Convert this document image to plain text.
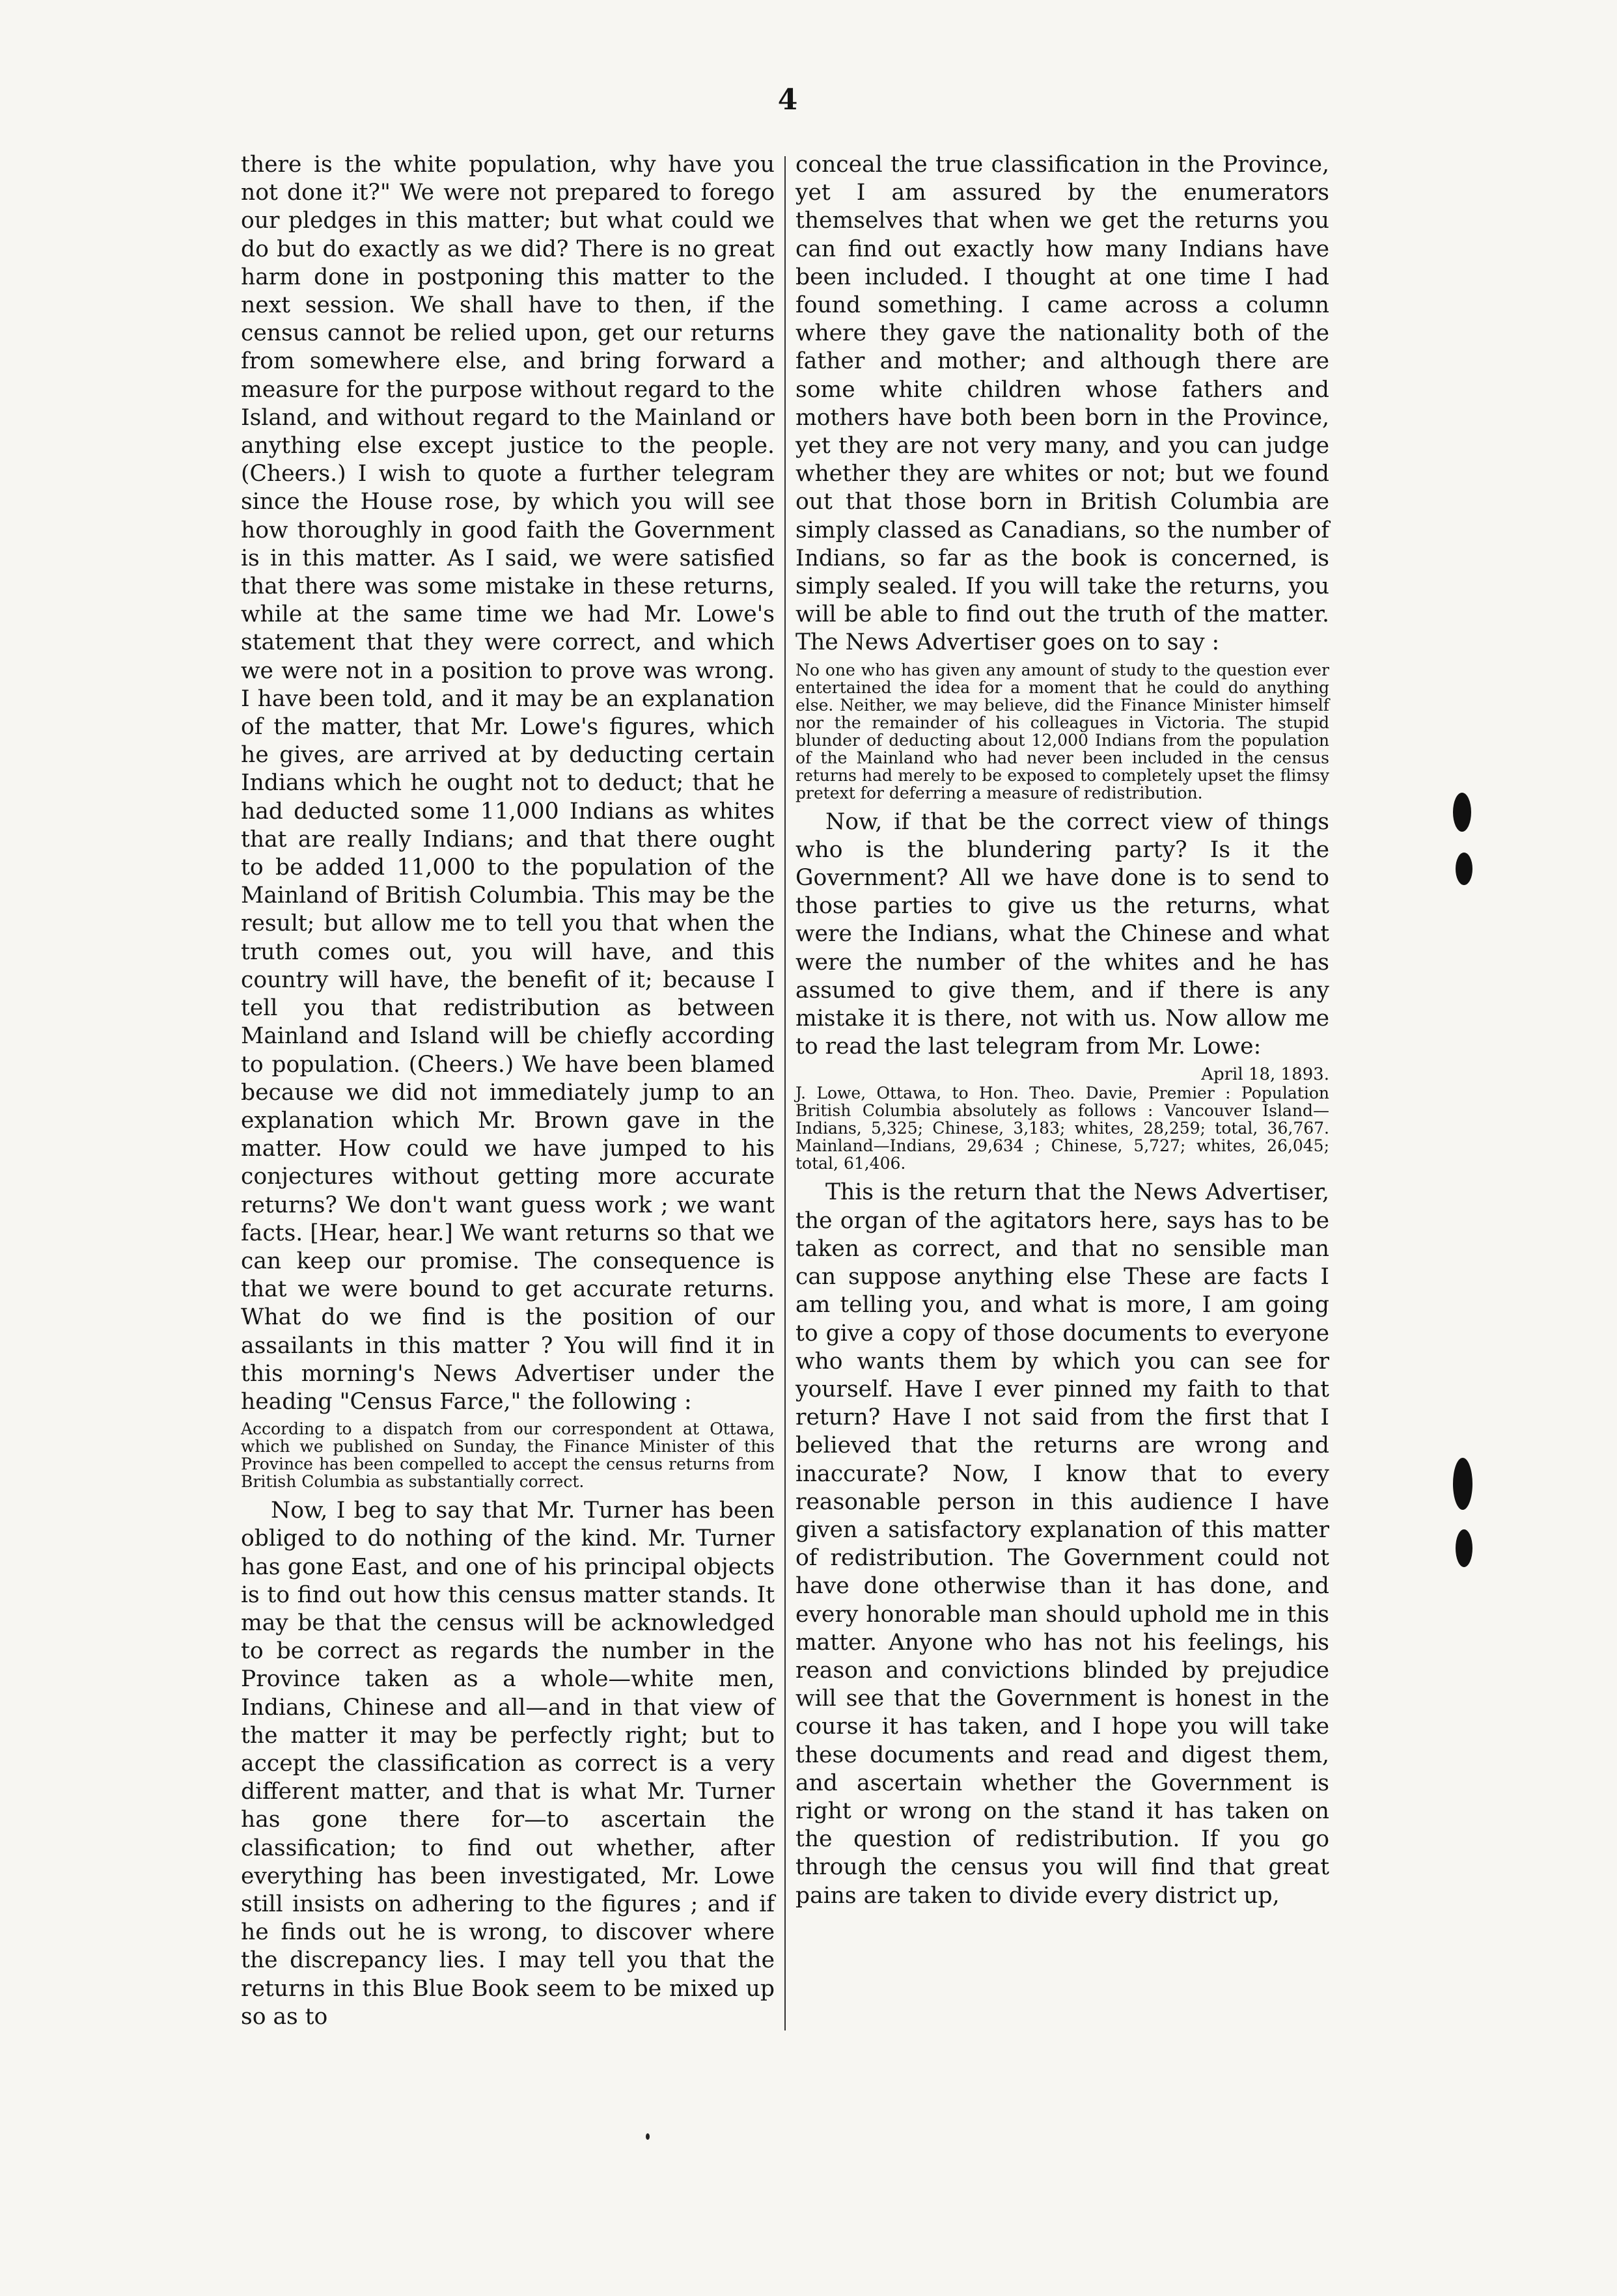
4

there is the white population, why have you not done it?" We were not prepared to forego our pledges in this matter; but what could we do but do exactly as we did? There is no great harm done in postponing this matter to the next session. We shall have to then, if the census cannot be relied upon, get our returns from somewhere else, and bring forward a measure for the purpose without regard to the Island, and without regard to the Mainland or anything else except justice to the people. (Cheers.) I wish to quote a further telegram since the House rose, by which you will see how thoroughly in good faith the Government is in this matter. As I said, we were satisfied that there was some mistake in these returns, while at the same time we had Mr. Lowe's statement that they were correct, and which we were not in a position to prove was wrong. I have been told, and it may be an explanation of the matter, that Mr. Lowe's figures, which he gives, are arrived at by deducting certain Indians which he ought not to deduct; that he had deducted some 11,000 Indians as whites that are really Indians; and that there ought to be added 11,000 to the population of the Mainland of British Columbia. This may be the result; but allow me to tell you that when the truth comes out, you will have, and this country will have, the benefit of it; because I tell you that redistribution as between Mainland and Island will be chiefly according to population. (Cheers.) We have been blamed because we did not immediately jump to an explanation which Mr. Brown gave in the matter. How could we have jumped to his conjectures without getting more accurate returns? We don't want guess work ; we want facts. [Hear, hear.] We want returns so that we can keep our promise. The consequence is that we were bound to get accurate returns. What do we find is the position of our assailants in this matter ? You will find it in this morning's News Advertiser under the heading "Census Farce," the following :

According to a dispatch from our correspondent at Ottawa, which we published on Sunday, the Finance Minister of this Province has been compelled to accept the census returns from British Columbia as substantially correct.

Now, I beg to say that Mr. Turner has been obliged to do nothing of the kind. Mr. Turner has gone East, and one of his principal objects is to find out how this census matter stands. It may be that the census will be acknowledged to be correct as regards the number in the Province taken as a whole—white men, Indians, Chinese and all—and in that view of the matter it may be perfectly right; but to accept the classification as correct is a very different matter, and that is what Mr. Turner has gone there for—to ascertain the classification; to find out whether, after everything has been investigated, Mr. Lowe still insists on adhering to the figures ; and if he finds out he is wrong, to discover where the discrepancy lies. I may tell you that the returns in this Blue Book seem to be mixed up so as to

conceal the true classification in the Province, yet I am assured by the enumerators themselves that when we get the returns you can find out exactly how many Indians have been included. I thought at one time I had found something. I came across a column where they gave the nationality both of the father and mother; and although there are some white children whose fathers and mothers have both been born in the Province, yet they are not very many, and you can judge whether they are whites or not; but we found out that those born in British Columbia are simply classed as Canadians, so the number of Indians, so far as the book is concerned, is simply sealed. If you will take the returns, you will be able to find out the truth of the matter. The News Advertiser goes on to say :

No one who has given any amount of study to the question ever entertained the idea for a moment that he could do anything else. Neither, we may believe, did the Finance Minister himself nor the remainder of his colleagues in Victoria. The stupid blunder of deducting about 12,000 Indians from the population of the Mainland who had never been included in the census returns had merely to be exposed to completely upset the flimsy pretext for deferring a measure of redistribution.

Now, if that be the correct view of things who is the blundering party? Is it the Government? All we have done is to send to those parties to give us the returns, what were the Indians, what the Chinese and what were the number of the whites and he has assumed to give them, and if there is any mistake it is there, not with us. Now allow me to read the last telegram from Mr. Lowe:

April 18, 1893.

J. Lowe, Ottawa, to Hon. Theo. Davie, Premier : Population British Columbia absolutely as follows : Vancouver Island—Indians, 5,325; Chinese, 3,183; whites, 28,259; total, 36,767. Mainland—Indians, 29,634 ; Chinese, 5,727; whites, 26,045; total, 61,406.

This is the return that the News Advertiser, the organ of the agitators here, says has to be taken as correct, and that no sensible man can suppose anything else These are facts I am telling you, and what is more, I am going to give a copy of those documents to everyone who wants them by which you can see for yourself. Have I ever pinned my faith to that return? Have I not said from the first that I believed that the returns are wrong and inaccurate? Now, I know that to every reasonable person in this audience I have given a satisfactory explanation of this matter of redistribution. The Government could not have done otherwise than it has done, and every honorable man should uphold me in this matter. Anyone who has not his feelings, his reason and convictions blinded by prejudice will see that the Government is honest in the course it has taken, and I hope you will take these documents and read and digest them, and ascertain whether the Government is right or wrong on the stand it has taken on the question of redistribution. If you go through the census you will find that great pains are taken to divide every district up,
